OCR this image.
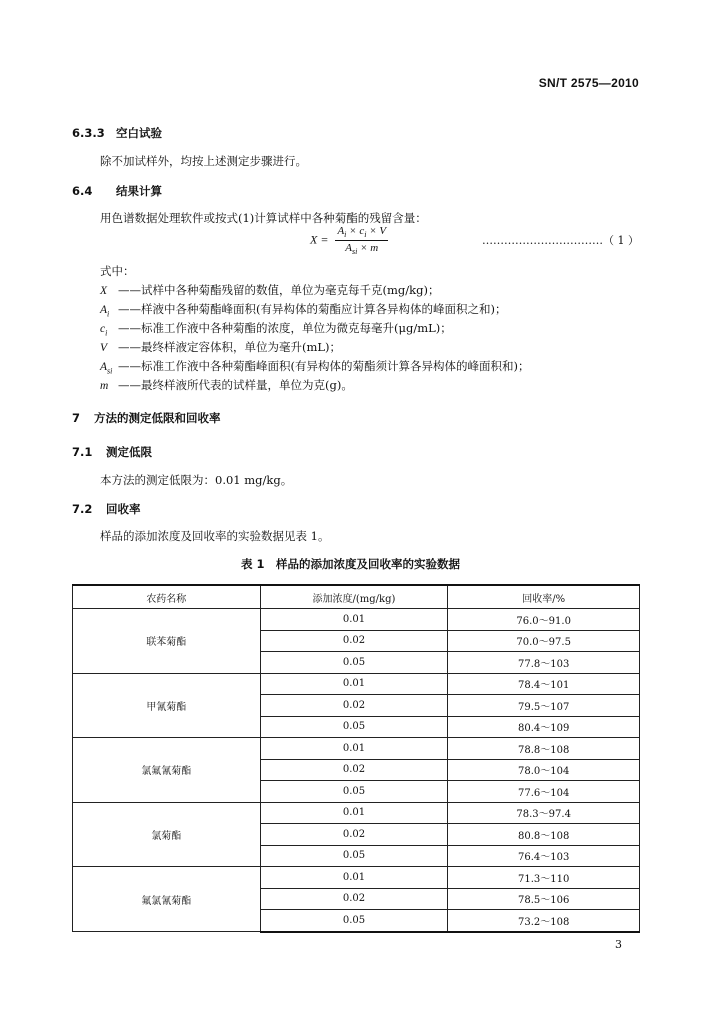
SN/T 2575—2010
6.3.3 空白试验
除不加试样外，均按上述测定步骤进行。
6.4 结果计算
用色谱数据处理软件或按式(1)计算试样中各种菊酯的残留含量：
$X = \frac{A_i \times c_i \times V}{A_{si} \times m}$	……………………………（ 1 ）
式中：
X ——试样中各种菊酯残留的数值，单位为毫克每千克(mg/kg)；
$A_i$ ——样液中各种菊酯峰面积(有异构体的菊酯应计算各异构体的峰面积之和)；
$c_i$ ——标准工作液中各种菊酯的浓度，单位为微克每毫升(μg/mL)；
V ——最终样液定容体积，单位为毫升(mL)；
$A_{si}$ ——标准工作液中各种菊酯峰面积(有异构体的菊酯须计算各异构体的峰面积和)；
m ——最终样液所代表的试样量，单位为克(g)。
7 方法的测定低限和回收率
7.1 测定低限
本方法的测定低限为：0.01 mg/kg。
7.2 回收率
样品的添加浓度及回收率的实验数据见表 1。
表 1　样品的添加浓度及回收率的实验数据
农药名称	添加浓度/(mg/kg)	回收率/%
联苯菊酯	0.01	76.0～91.0
	0.02	70.0～97.5
	0.05	77.8～103
甲氰菊酯	0.01	78.4～101
	0.02	79.5～107
	0.05	80.4～109
氯氟氰菊酯	0.01	78.8～108
	0.02	78.0～104
	0.05	77.6～104
氯菊酯	0.01	78.3～97.4
	0.02	80.8～108
	0.05	76.4～103
氟氯氰菊酯	0.01	71.3～110
	0.02	78.5～106
	0.05	73.2～108
3
